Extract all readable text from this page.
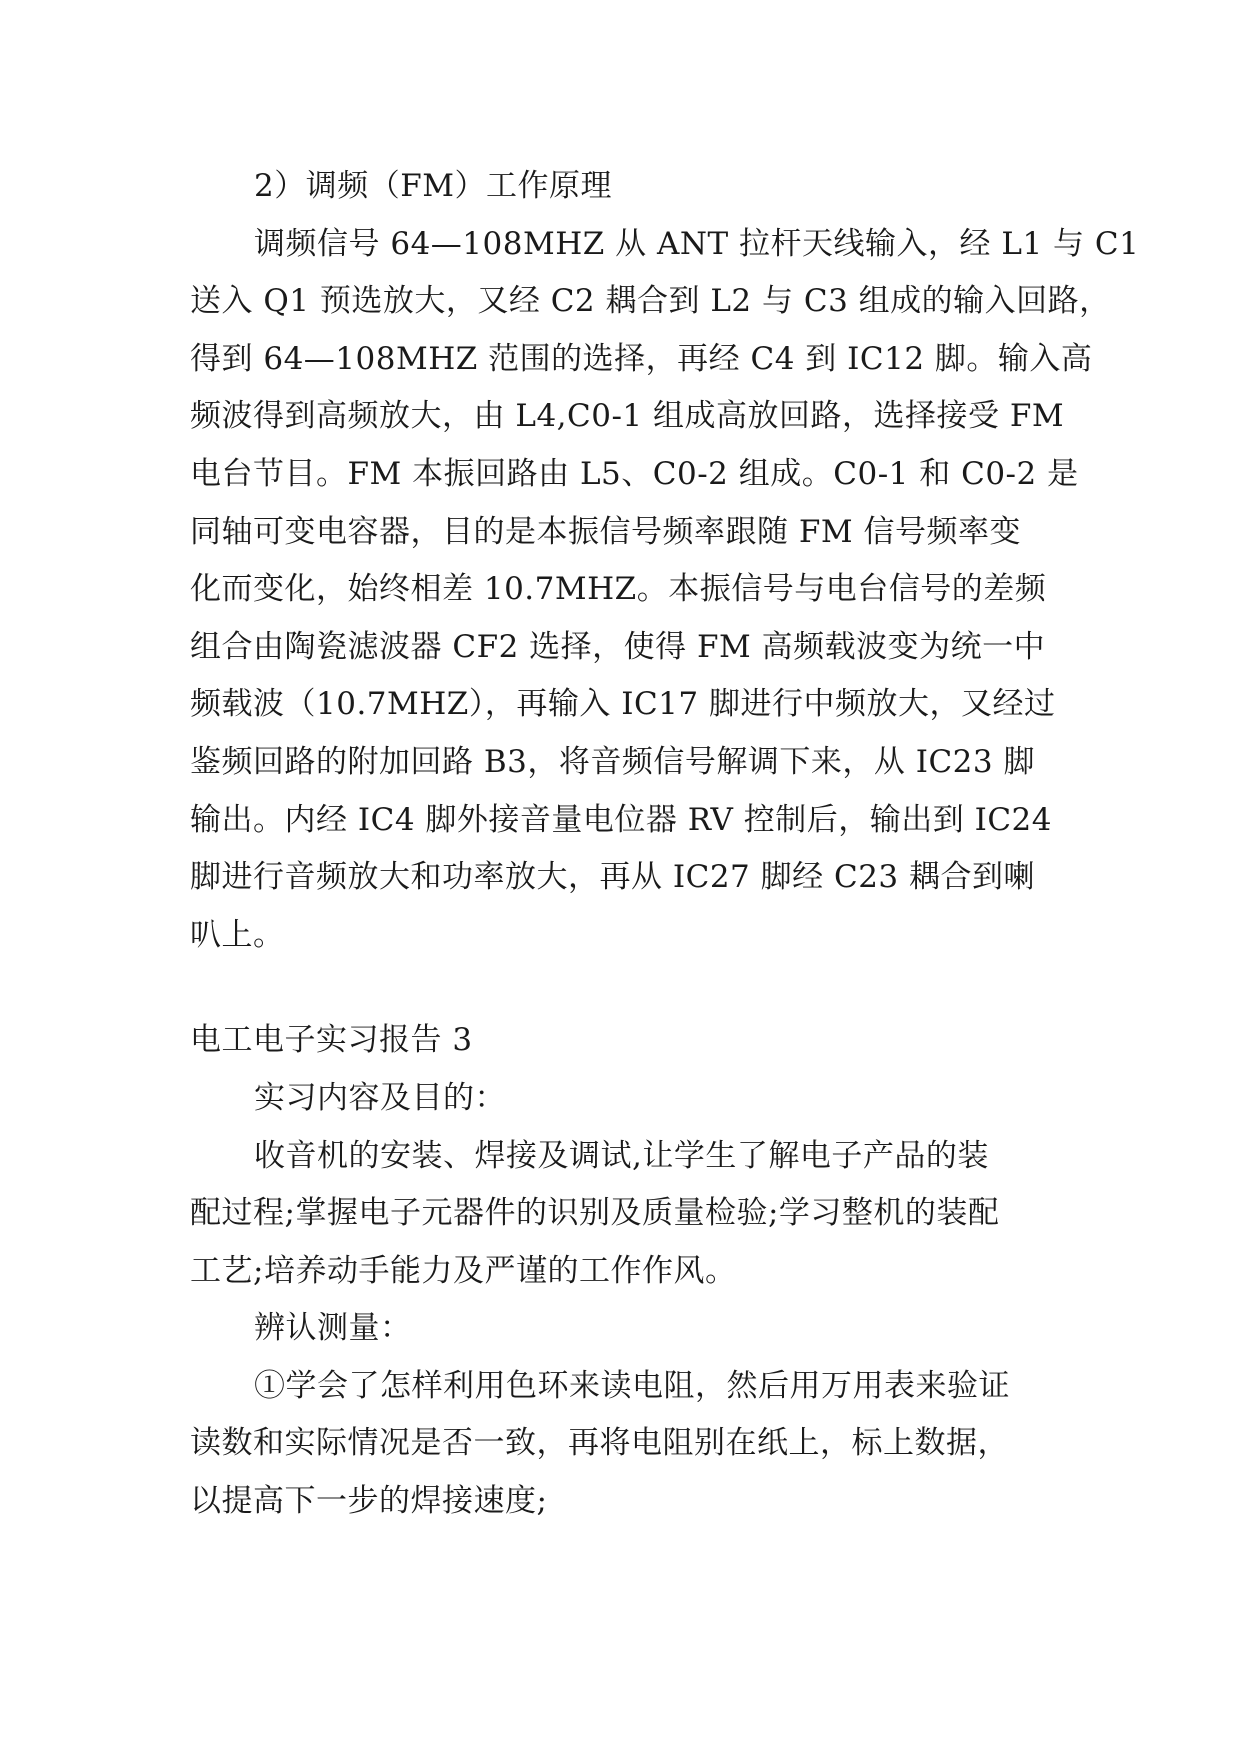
2）调频（FM）工作原理
调频信号 64—108MHZ 从 ANT 拉杆天线输入，经 L1 与 C1
送入 Q1 预选放大，又经 C2 耦合到 L2 与 C3 组成的输入回路，
得到 64—108MHZ 范围的选择，再经 C4 到 IC12 脚。输入高
频波得到高频放大，由 L4,C0-1 组成高放回路，选择接受 FM
电台节目。FM 本振回路由 L5、C0-2 组成。C0-1 和 C0-2 是
同轴可变电容器，目的是本振信号频率跟随 FM 信号频率变
化而变化，始终相差 10.7MHZ。本振信号与电台信号的差频
组合由陶瓷滤波器 CF2 选择，使得 FM 高频载波变为统一中
频载波（10.7MHZ），再输入 IC17 脚进行中频放大，又经过
鉴频回路的附加回路 B3，将音频信号解调下来，从 IC23 脚
输出。内经 IC4 脚外接音量电位器 RV 控制后，输出到 IC24
脚进行音频放大和功率放大，再从 IC27 脚经 C23 耦合到喇
叭上。
电工电子实习报告 3
实习内容及目的：
收音机的安装、焊接及调试,让学生了解电子产品的装
配过程;掌握电子元器件的识别及质量检验;学习整机的装配
工艺;培养动手能力及严谨的工作作风。
辨认测量：
①学会了怎样利用色环来读电阻，然后用万用表来验证
读数和实际情况是否一致，再将电阻别在纸上，标上数据，
以提高下一步的焊接速度;
